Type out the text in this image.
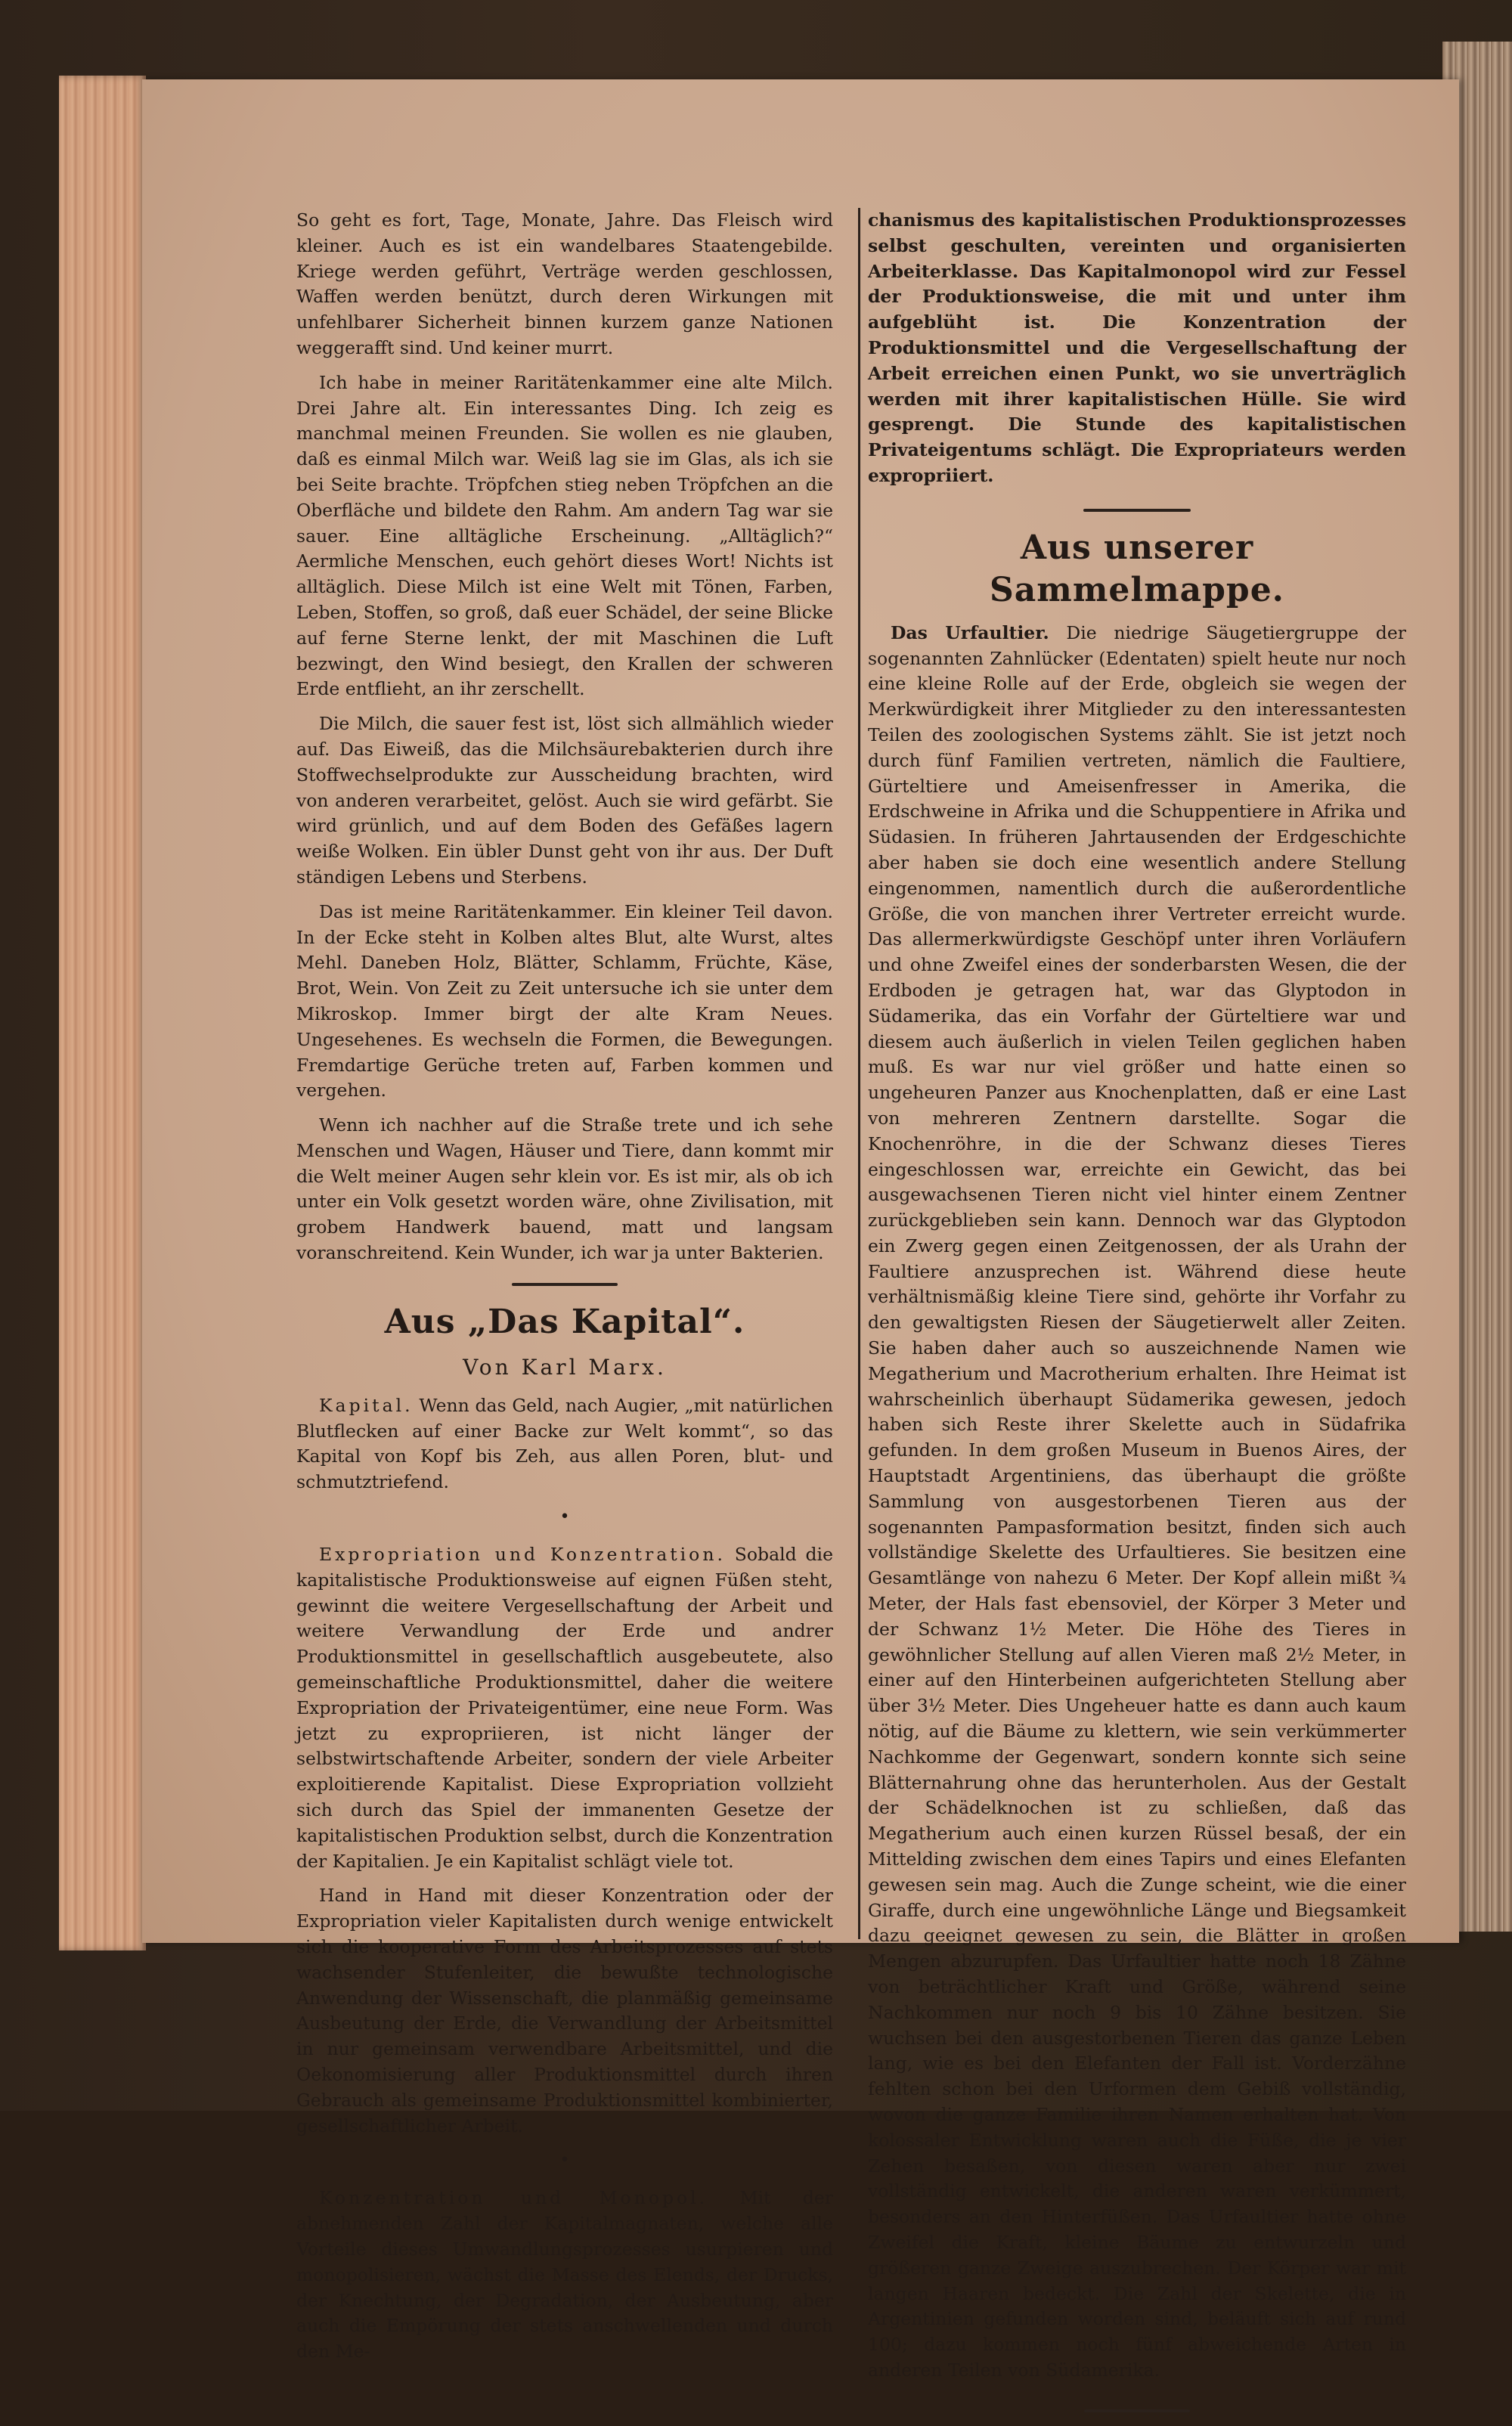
So geht es fort, Tage, Monate, Jahre. Das Fleisch wird kleiner. Auch es ist ein wandelbares Staatengebilde. Kriege werden geführt, Verträge werden geschlossen, Waffen werden benützt, durch deren Wirkungen mit unfehlbarer Sicherheit binnen kurzem ganze Nationen weggerafft sind. Und keiner murrt.

Ich habe in meiner Raritätenkammer eine alte Milch. Drei Jahre alt. Ein interessantes Ding. Ich zeig es manchmal meinen Freunden. Sie wollen es nie glauben, daß es einmal Milch war. Weiß lag sie im Glas, als ich sie bei Seite brachte. Tröpfchen stieg neben Tröpfchen an die Oberfläche und bildete den Rahm. Am andern Tag war sie sauer. Eine alltägliche Erscheinung. „Alltäglich?“ Aermliche Menschen, euch gehört dieses Wort! Nichts ist alltäglich. Diese Milch ist eine Welt mit Tönen, Farben, Leben, Stoffen, so groß, daß euer Schädel, der seine Blicke auf ferne Sterne lenkt, der mit Maschinen die Luft bezwingt, den Wind besiegt, den Krallen der schweren Erde entflieht, an ihr zerschellt.

Die Milch, die sauer fest ist, löst sich allmählich wieder auf. Das Eiweiß, das die Milchsäurebakterien durch ihre Stoffwechselprodukte zur Ausscheidung brachten, wird von anderen verarbeitet, gelöst. Auch sie wird gefärbt. Sie wird grünlich, und auf dem Boden des Gefäßes lagern weiße Wolken. Ein übler Dunst geht von ihr aus. Der Duft ständigen Lebens und Sterbens.

Das ist meine Raritätenkammer. Ein kleiner Teil davon. In der Ecke steht in Kolben altes Blut, alte Wurst, altes Mehl. Daneben Holz, Blätter, Schlamm, Früchte, Käse, Brot, Wein. Von Zeit zu Zeit untersuche ich sie unter dem Mikroskop. Immer birgt der alte Kram Neues. Ungesehenes. Es wechseln die Formen, die Bewegungen. Fremdartige Gerüche treten auf, Farben kommen und vergehen.

Wenn ich nachher auf die Straße trete und ich sehe Menschen und Wagen, Häuser und Tiere, dann kommt mir die Welt meiner Augen sehr klein vor. Es ist mir, als ob ich unter ein Volk gesetzt worden wäre, ohne Zivilisation, mit grobem Handwerk bauend, matt und langsam voranschreitend. Kein Wunder, ich war ja unter Bakterien.

Aus „Das Kapital“.
Von Karl Marx.

Kapital. Wenn das Geld, nach Augier, „mit natürlichen Blutflecken auf einer Backe zur Welt kommt“, so das Kapital von Kopf bis Zeh, aus allen Poren, blut- und schmutztriefend.

•

Expropriation und Konzentration. Sobald die kapitalistische Produktionsweise auf eignen Füßen steht, gewinnt die weitere Vergesellschaftung der Arbeit und weitere Verwandlung der Erde und andrer Produktionsmittel in gesellschaftlich ausgebeutete, also gemeinschaftliche Produktionsmittel, daher die weitere Expropriation der Privateigentümer, eine neue Form. Was jetzt zu expropriieren, ist nicht länger der selbstwirtschaftende Arbeiter, sondern der viele Arbeiter exploitierende Kapitalist. Diese Expropriation vollzieht sich durch das Spiel der immanenten Gesetze der kapitalistischen Produktion selbst, durch die Konzentration der Kapitalien. Je ein Kapitalist schlägt viele tot.

Hand in Hand mit dieser Konzentration oder der Expropriation vieler Kapitalisten durch wenige entwickelt sich die kooperative Form des Arbeitsprozesses auf stets wachsender Stufenleiter, die bewußte technologische Anwendung der Wissenschaft, die planmäßig gemeinsame Ausbeutung der Erde, die Verwandlung der Arbeitsmittel in nur gemeinsam verwendbare Arbeitsmittel, und die Oekonomisierung aller Produktionsmittel durch ihren Gebrauch als gemeinsame Produktionsmittel kombinierter, gesellschaftlicher Arbeit.

•

Konzentration und Monopol. Mit der abnehmenden Zahl der Kapitalmagnaten, welche alle Vorteile dieses Umwandlungsprozesses usurpieren und monopolisieren, wächst die Masse des Elends, der Drucks, der Knechtung, der Degradation, der Ausbeutung, aber auch die Empörung der stets anschwellenden und durch den Me-

chanismus des kapitalistischen Produktionsprozesses selbst geschulten, vereinten und organisierten Arbeiterklasse. Das Kapitalmonopol wird zur Fessel der Produktionsweise, die mit und unter ihm aufgeblüht ist. Die Konzentration der Produktionsmittel und die Vergesellschaftung der Arbeit erreichen einen Punkt, wo sie unverträglich werden mit ihrer kapitalistischen Hülle. Sie wird gesprengt. Die Stunde des kapitalistischen Privateigentums schlägt. Die Expropriateurs werden expropriiert.

Aus unserer Sammelmappe.

Das Urfaultier. Die niedrige Säugetiergruppe der sogenannten Zahnlücker (Edentaten) spielt heute nur noch eine kleine Rolle auf der Erde, obgleich sie wegen der Merkwürdigkeit ihrer Mitglieder zu den interessantesten Teilen des zoologischen Systems zählt. Sie ist jetzt noch durch fünf Familien vertreten, nämlich die Faultiere, Gürteltiere und Ameisenfresser in Amerika, die Erdschweine in Afrika und die Schuppentiere in Afrika und Südasien. In früheren Jahrtausenden der Erdgeschichte aber haben sie doch eine wesentlich andere Stellung eingenommen, namentlich durch die außerordentliche Größe, die von manchen ihrer Vertreter erreicht wurde. Das allermerkwürdigste Geschöpf unter ihren Vorläufern und ohne Zweifel eines der sonderbarsten Wesen, die der Erdboden je getragen hat, war das Glyptodon in Südamerika, das ein Vorfahr der Gürteltiere war und diesem auch äußerlich in vielen Teilen geglichen haben muß. Es war nur viel größer und hatte einen so ungeheuren Panzer aus Knochenplatten, daß er eine Last von mehreren Zentnern darstellte. Sogar die Knochenröhre, in die der Schwanz dieses Tieres eingeschlossen war, erreichte ein Gewicht, das bei ausgewachsenen Tieren nicht viel hinter einem Zentner zurückgeblieben sein kann. Dennoch war das Glyptodon ein Zwerg gegen einen Zeitgenossen, der als Urahn der Faultiere anzusprechen ist. Während diese heute verhältnismäßig kleine Tiere sind, gehörte ihr Vorfahr zu den gewaltigsten Riesen der Säugetierwelt aller Zeiten. Sie haben daher auch so auszeichnende Namen wie Megatherium und Macrotherium erhalten. Ihre Heimat ist wahrscheinlich überhaupt Südamerika gewesen, jedoch haben sich Reste ihrer Skelette auch in Südafrika gefunden. In dem großen Museum in Buenos Aires, der Hauptstadt Argentiniens, das überhaupt die größte Sammlung von ausgestorbenen Tieren aus der sogenannten Pampasformation besitzt, finden sich auch vollständige Skelette des Urfaultieres. Sie besitzen eine Gesamtlänge von nahezu 6 Meter. Der Kopf allein mißt ¾ Meter, der Hals fast ebensoviel, der Körper 3 Meter und der Schwanz 1½ Meter. Die Höhe des Tieres in gewöhnlicher Stellung auf allen Vieren maß 2½ Meter, in einer auf den Hinterbeinen aufgerichteten Stellung aber über 3½ Meter. Dies Ungeheuer hatte es dann auch kaum nötig, auf die Bäume zu klettern, wie sein verkümmerter Nachkomme der Gegenwart, sondern konnte sich seine Blätternahrung ohne das herunterholen. Aus der Gestalt der Schädelknochen ist zu schließen, daß das Megatherium auch einen kurzen Rüssel besaß, der ein Mittelding zwischen dem eines Tapirs und eines Elefanten gewesen sein mag. Auch die Zunge scheint, wie die einer Giraffe, durch eine ungewöhnliche Länge und Biegsamkeit dazu geeignet gewesen zu sein, die Blätter in großen Mengen abzurupfen. Das Urfaultier hatte noch 18 Zähne von beträchtlicher Kraft und Größe, während seine Nachkommen nur noch 9 bis 10 Zähne besitzen. Sie wuchsen bei den ausgestorbenen Tieren das ganze Leben lang, wie es bei den Elefanten der Fall ist. Vorderzähne fehlten schon bei den Urformen dem Gebiß vollständig, wovon die ganze Familie ihren Namen erhalten hat. Von kolossaler Entwicklung waren auch die Füße, die je vier Zehen besaßen, von diesen waren aber nur zwei vollständig entwickelt, die anderen waren verkümmert, besonders an den Hinterfüßen. Das Urfaultier hatte ohne Zweifel die Kraft, kleine Bäume zu entwurzeln und größeren ganze Zweige auszubrechen. Der Körper war mit langen Haaren bedeckt. Die Zahl der Skelette, die in Argentinien gefunden worden sind, beläuft sich auf rund 100; dazu kommen noch fünf abweichende Arten in anderen Teilen von Südamerika.
